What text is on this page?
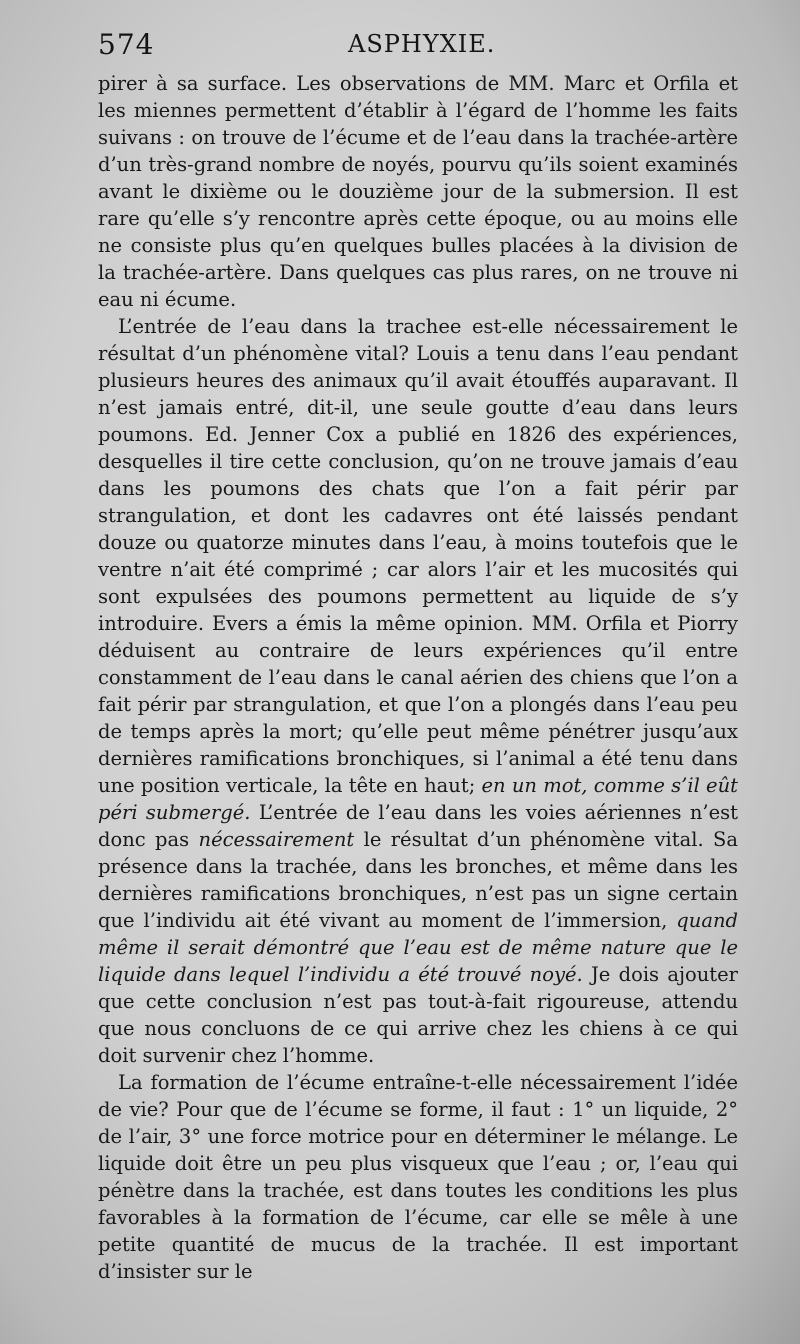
574	ASPHYXIE.

pirer à sa surface. Les observations de MM. Marc et Orfila et les miennes permettent d’établir à l’égard de l’homme les faits suivans : on trouve de l’écume et de l’eau dans la trachée-artère d’un très-grand nombre de noyés, pourvu qu’ils soient examinés avant le dixième ou le douzième jour de la submersion. Il est rare qu’elle s’y rencontre après cette époque, ou au moins elle ne consiste plus qu’en quelques bulles placées à la division de la trachée-artère. Dans quelques cas plus rares, on ne trouve ni eau ni écume.

L’entrée de l’eau dans la trachee est-elle nécessairement le résultat d’un phénomène vital? Louis a tenu dans l’eau pendant plusieurs heures des animaux qu’il avait étouffés auparavant. Il n’est jamais entré, dit-il, une seule goutte d’eau dans leurs poumons. Ed. Jenner Cox a publié en 1826 des expériences, desquelles il tire cette conclusion, qu’on ne trouve jamais d’eau dans les poumons des chats que l’on a fait périr par strangulation, et dont les cadavres ont été laissés pendant douze ou quatorze minutes dans l’eau, à moins toutefois que le ventre n’ait été comprimé ; car alors l’air et les mucosités qui sont expulsées des poumons permettent au liquide de s’y introduire. Evers a émis la même opinion. MM. Orfila et Piorry déduisent au contraire de leurs expériences qu’il entre constamment de l’eau dans le canal aérien des chiens que l’on a fait périr par strangulation, et que l’on a plongés dans l’eau peu de temps après la mort; qu’elle peut même pénétrer jusqu’aux dernières ramifications bronchiques, si l’animal a été tenu dans une position verticale, la tête en haut; en un mot, comme s’il eût péri submergé. L’entrée de l’eau dans les voies aériennes n’est donc pas nécessairement le résultat d’un phénomène vital. Sa présence dans la trachée, dans les bronches, et même dans les dernières ramifications bronchiques, n’est pas un signe certain que l’individu ait été vivant au moment de l’immersion, quand même il serait démontré que l’eau est de même nature que le liquide dans lequel l’individu a été trouvé noyé. Je dois ajouter que cette conclusion n’est pas tout-à-fait rigoureuse, attendu que nous concluons de ce qui arrive chez les chiens à ce qui doit survenir chez l’homme.

La formation de l’écume entraîne-t-elle nécessairement l’idée de vie? Pour que de l’écume se forme, il faut : 1° un liquide, 2° de l’air, 3° une force motrice pour en déterminer le mélange. Le liquide doit être un peu plus visqueux que l’eau ; or, l’eau qui pénètre dans la trachée, est dans toutes les conditions les plus favorables à la formation de l’écume, car elle se mêle à une petite quantité de mucus de la trachée. Il est important d’insister sur le
